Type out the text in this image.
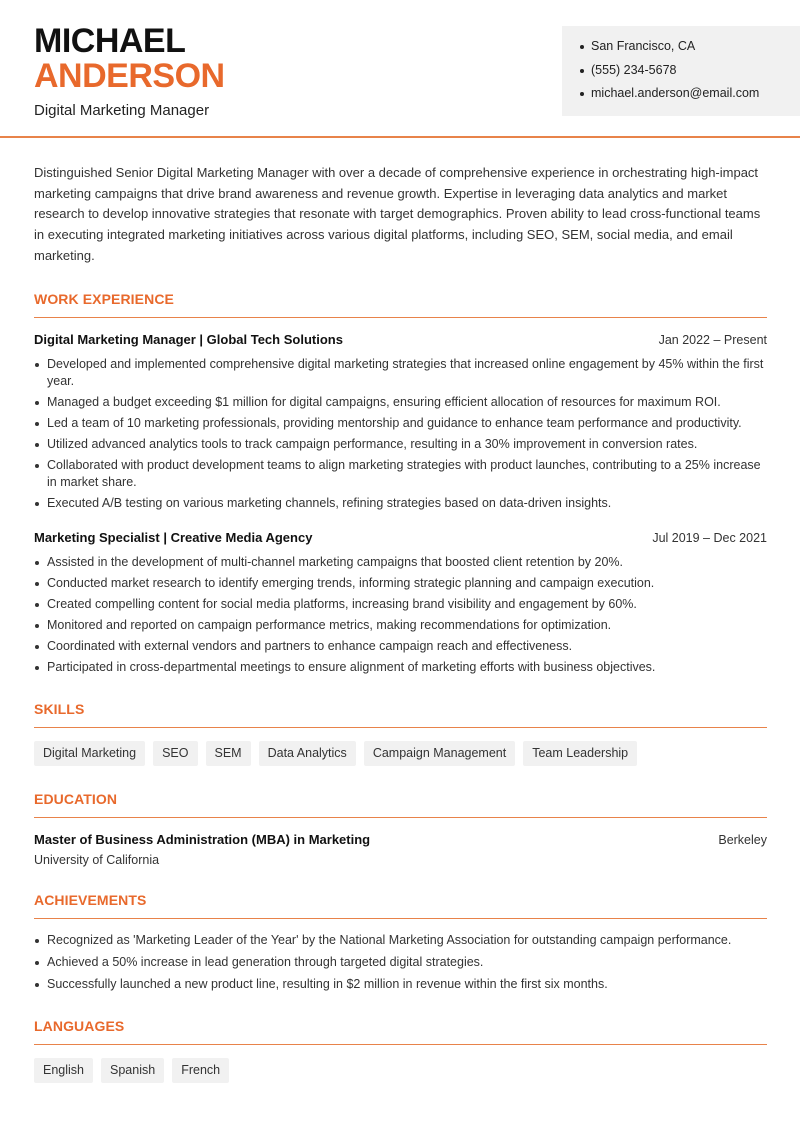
MICHAEL
ANDERSON
Digital Marketing Manager
San Francisco, CA
(555) 234-5678
michael.anderson@email.com

Distinguished Senior Digital Marketing Manager with over a decade of comprehensive experience in orchestrating high-impact marketing campaigns that drive brand awareness and revenue growth. Expertise in leveraging data analytics and market research to develop innovative strategies that resonate with target demographics. Proven ability to lead cross-functional teams in executing integrated marketing initiatives across various digital platforms, including SEO, SEM, social media, and email marketing.

WORK EXPERIENCE
Digital Marketing Manager | Global Tech Solutions	Jan 2022 – Present
Developed and implemented comprehensive digital marketing strategies that increased online engagement by 45% within the first year.
Managed a budget exceeding $1 million for digital campaigns, ensuring efficient allocation of resources for maximum ROI.
Led a team of 10 marketing professionals, providing mentorship and guidance to enhance team performance and productivity.
Utilized advanced analytics tools to track campaign performance, resulting in a 30% improvement in conversion rates.
Collaborated with product development teams to align marketing strategies with product launches, contributing to a 25% increase in market share.
Executed A/B testing on various marketing channels, refining strategies based on data-driven insights.
Marketing Specialist | Creative Media Agency	Jul 2019 – Dec 2021
Assisted in the development of multi-channel marketing campaigns that boosted client retention by 20%.
Conducted market research to identify emerging trends, informing strategic planning and campaign execution.
Created compelling content for social media platforms, increasing brand visibility and engagement by 60%.
Monitored and reported on campaign performance metrics, making recommendations for optimization.
Coordinated with external vendors and partners to enhance campaign reach and effectiveness.
Participated in cross-departmental meetings to ensure alignment of marketing efforts with business objectives.
SKILLS
Digital Marketing	SEO	SEM	Data Analytics	Campaign Management	Team Leadership
EDUCATION
Master of Business Administration (MBA) in Marketing	Berkeley
University of California
ACHIEVEMENTS
Recognized as 'Marketing Leader of the Year' by the National Marketing Association for outstanding campaign performance.
Achieved a 50% increase in lead generation through targeted digital strategies.
Successfully launched a new product line, resulting in $2 million in revenue within the first six months.
LANGUAGES
English	Spanish	French
